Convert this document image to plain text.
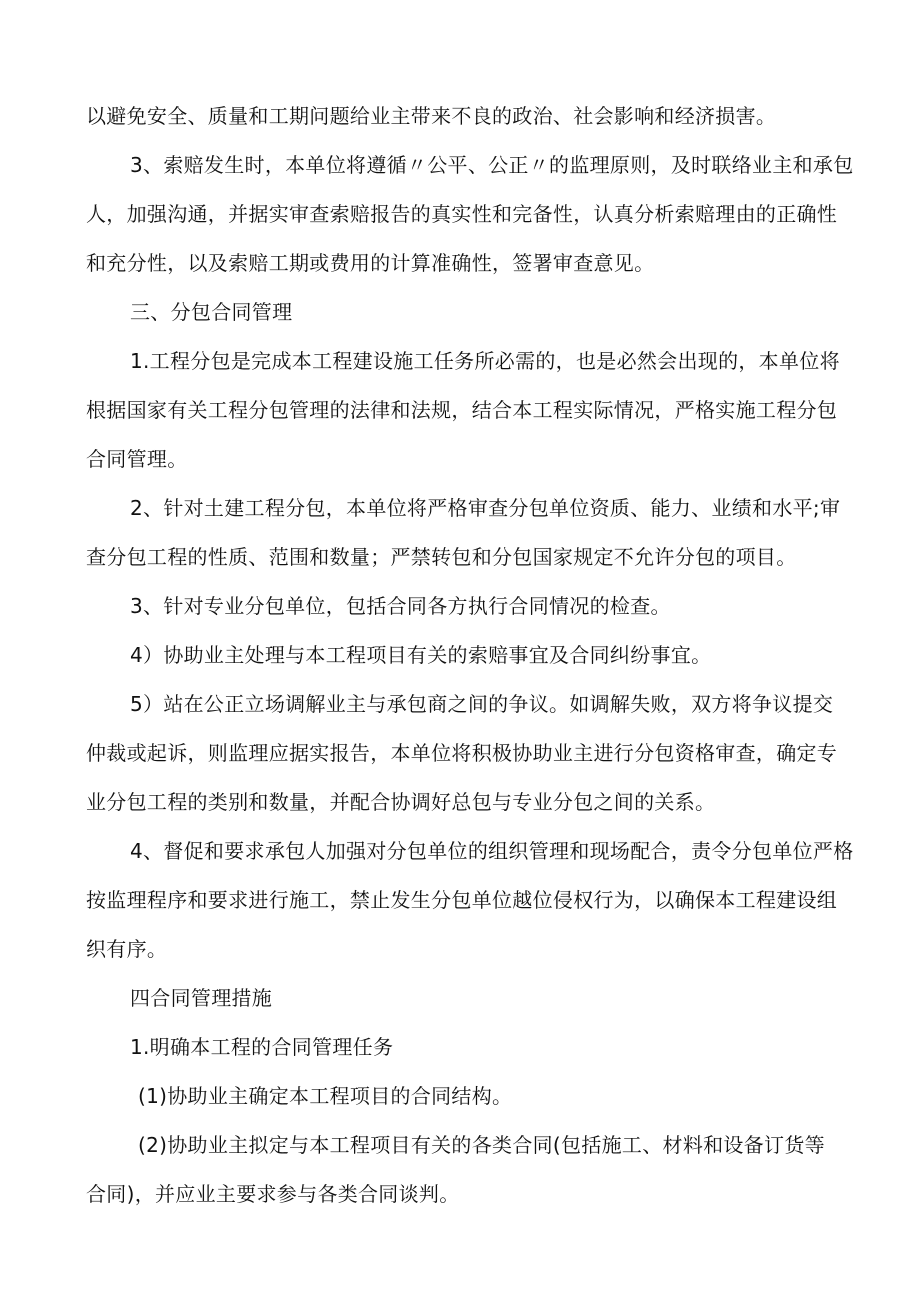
以避免安全、质量和工期问题给业主带来不良的政治、社会影响和经济损害。
3、索赔发生时，本单位将遵循〃公平、公正〃的监理原则，及时联络业主和承包
人，加强沟通，并据实审查索赔报告的真实性和完备性，认真分析索赔理由的正确性
和充分性，以及索赔工期或费用的计算准确性，签署审查意见。
三、分包合同管理
1.工程分包是完成本工程建设施工任务所必需的，也是必然会出现的，本单位将
根据国家有关工程分包管理的法律和法规，结合本工程实际情况，严格实施工程分包
合同管理。
2、针对土建工程分包，本单位将严格审查分包单位资质、能力、业绩和水平;审
查分包工程的性质、范围和数量；严禁转包和分包国家规定不允许分包的项目。
3、针对专业分包单位，包括合同各方执行合同情况的检查。
4）协助业主处理与本工程项目有关的索赔事宜及合同纠纷事宜。
5）站在公正立场调解业主与承包商之间的争议。如调解失败，双方将争议提交
仲裁或起诉，则监理应据实报告，本单位将积极协助业主进行分包资格审查，确定专
业分包工程的类别和数量，并配合协调好总包与专业分包之间的关系。
4、督促和要求承包人加强对分包单位的组织管理和现场配合，责令分包单位严格
按监理程序和要求进行施工，禁止发生分包单位越位侵权行为，以确保本工程建设组
织有序。
四合同管理措施
1.明确本工程的合同管理任务
(1)协助业主确定本工程项目的合同结构。
(2)协助业主拟定与本工程项目有关的各类合同(包括施工、材料和设备订货等
合同)，并应业主要求参与各类合同谈判。
